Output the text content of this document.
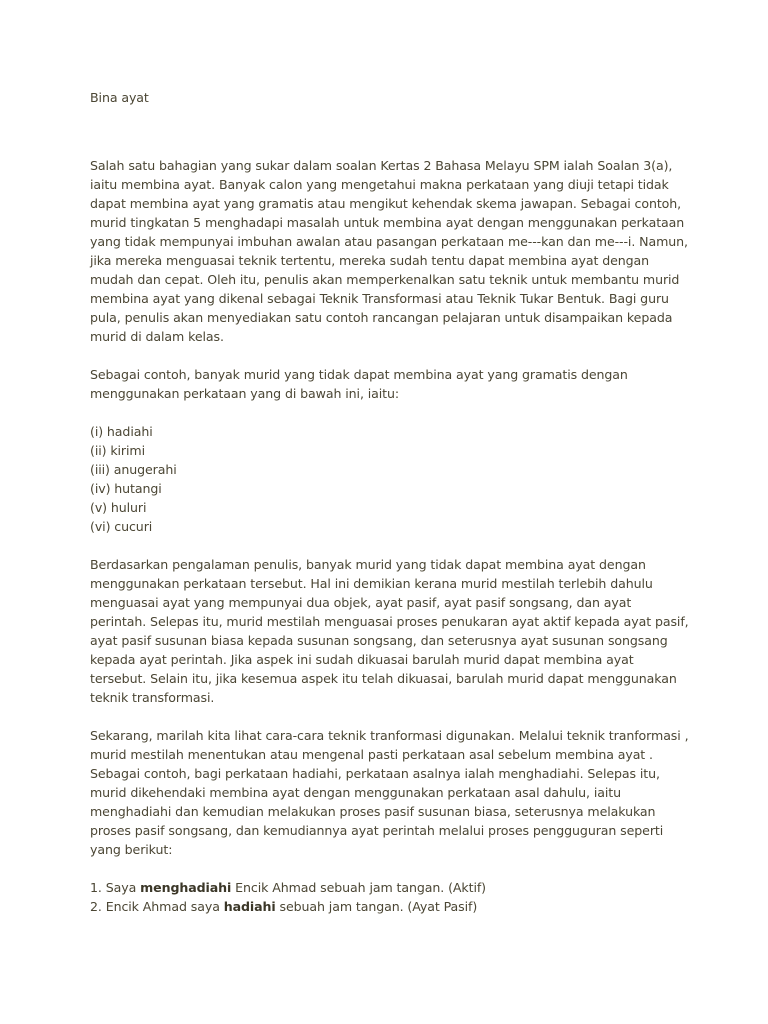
Bina ayat

Salah satu bahagian yang sukar dalam soalan Kertas 2 Bahasa Melayu SPM ialah Soalan 3(a), iaitu membina ayat. Banyak calon yang mengetahui makna perkataan yang diuji tetapi tidak dapat membina ayat yang gramatis atau mengikut kehendak skema jawapan. Sebagai contoh, murid tingkatan 5 menghadapi masalah untuk membina ayat dengan menggunakan perkataan yang tidak mempunyai imbuhan awalan atau pasangan perkataan me---kan dan me---i. Namun, jika mereka menguasai teknik tertentu, mereka sudah tentu dapat membina ayat dengan mudah dan cepat. Oleh itu, penulis akan memperkenalkan satu teknik untuk membantu murid membina ayat yang dikenal sebagai Teknik Transformasi atau Teknik Tukar Bentuk. Bagi guru pula, penulis akan menyediakan satu contoh rancangan pelajaran untuk disampaikan kepada murid di dalam kelas.

Sebagai contoh, banyak murid yang tidak dapat membina ayat yang gramatis dengan menggunakan perkataan yang di bawah ini, iaitu:

(i) hadiahi
(ii) kirimi
(iii) anugerahi
(iv) hutangi
(v) huluri
(vi) cucuri

Berdasarkan pengalaman penulis, banyak murid yang tidak dapat membina ayat dengan menggunakan perkataan tersebut. Hal ini demikian kerana murid mestilah terlebih dahulu menguasai ayat yang mempunyai dua objek, ayat pasif, ayat pasif songsang, dan ayat perintah. Selepas itu, murid mestilah menguasai proses penukaran ayat aktif kepada ayat pasif, ayat pasif susunan biasa kepada susunan songsang, dan seterusnya ayat susunan songsang kepada ayat perintah. Jika aspek ini sudah dikuasai barulah murid dapat membina ayat tersebut. Selain itu, jika kesemua aspek itu telah dikuasai, barulah murid dapat menggunakan teknik transformasi.

Sekarang, marilah kita lihat cara-cara teknik tranformasi digunakan. Melalui teknik tranformasi , murid mestilah menentukan atau mengenal pasti perkataan asal sebelum membina ayat . Sebagai contoh, bagi perkataan hadiahi, perkataan asalnya ialah menghadiahi. Selepas itu, murid dikehendaki membina ayat dengan menggunakan perkataan asal dahulu, iaitu menghadiahi dan kemudian melakukan proses pasif susunan biasa, seterusnya melakukan proses pasif songsang, dan kemudiannya ayat perintah melalui proses pengguguran seperti yang berikut:

1. Saya menghadiahi Encik Ahmad sebuah jam tangan. (Aktif)
2. Encik Ahmad saya hadiahi sebuah jam tangan. (Ayat Pasif)
